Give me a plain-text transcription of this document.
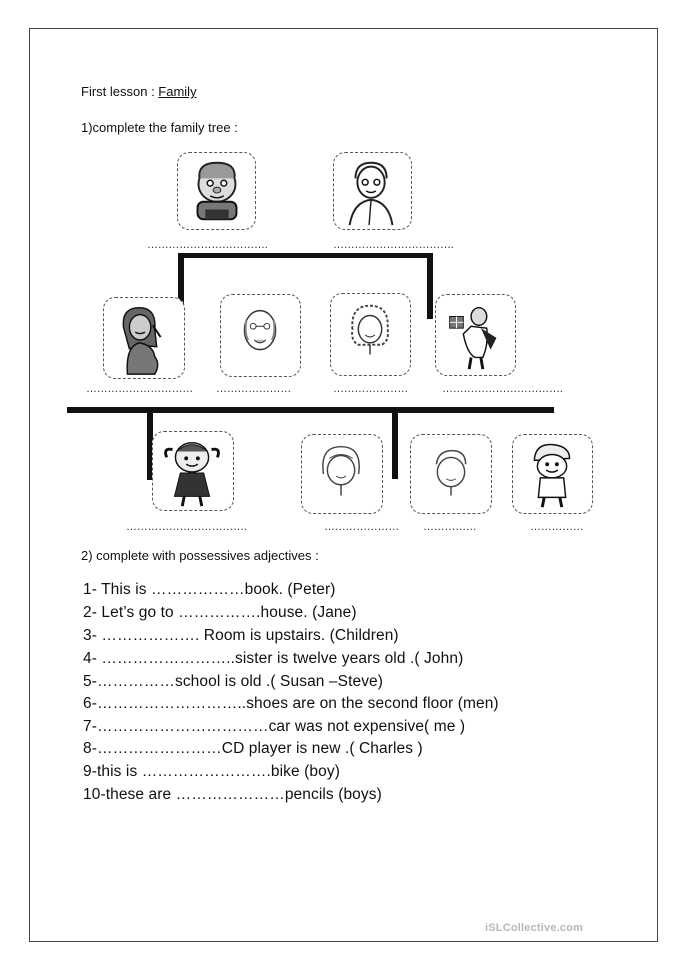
First lesson : Family
1)complete the family tree :
…………………………….	…………………………….
………………………… …………………	…………………	…………………………….
…………………………….	………………… ……………	……………
2) complete with possessives adjectives :
1- This is ………………book. (Peter)
2- Let’s go to …………….house. (Jane)
3- ………………. Room is upstairs. (Children)
4- ……………………..sister is twelve years old .( John)
5-……………school is old .( Susan –Steve)
6-………………………..shoes are on the second floor (men)
7-……………………………car was not expensive( me )
8-……………………CD player is new .( Charles )
9-this is …………………….bike (boy)
10-these are …………………pencils (boys)
iSLCollective.com
